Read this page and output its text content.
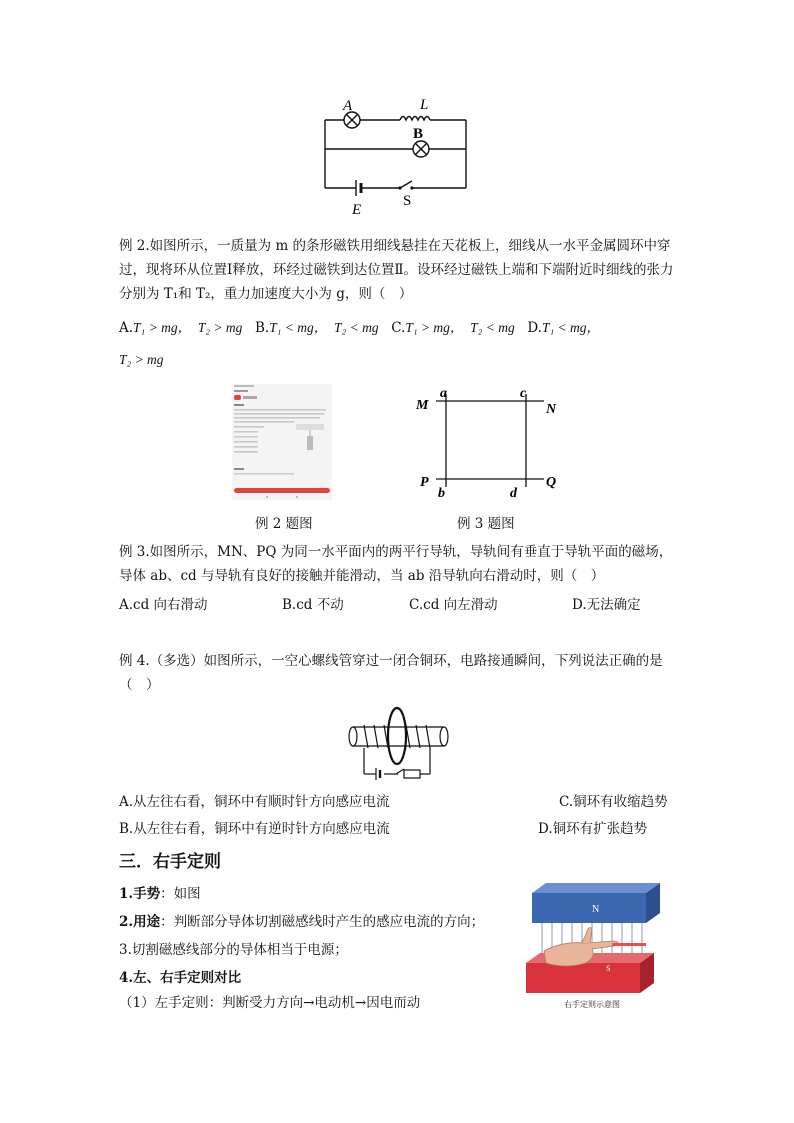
A	L
B
E
S
例 2.如图所示，一质量为 m 的条形磁铁用细线悬挂在天花板上，细线从一水平金属圆环中穿过，现将环从位置Ⅰ释放，环经过磁铁到达位置Ⅱ。设环经过磁铁上端和下端附近时细线的张力分别为 T₁和 T₂，重力加速度大小为 g，则（　）
A.T₁ > mg，　T₂ > mg B.T₁ < mg，　T₂ < mg C.T₁ > mg，　T₂ < mg D.T₁ < mg，
T₂ > mg
a	c
M	N
P	Q
b	d
例 2 题图	例 3 题图
例 3.如图所示，MN、PQ 为同一水平面内的两平行导轨，导轨间有垂直于导轨平面的磁场，导体 ab、cd 与导轨有良好的接触并能滑动，当 ab 沿导轨向右滑动时，则（　）
A.cd 向右滑动	B.cd 不动	C.cd 向左滑动	D.无法确定
例 4.（多选）如图所示，一空心螺线管穿过一闭合铜环，电路接通瞬间，下列说法正确的是（　）
A.从左往右看，铜环中有顺时针方向感应电流	C.铜环有收缩趋势
B.从左往右看，铜环中有逆时针方向感应电流	D.铜环有扩张趋势
三．右手定则
1.手势：如图
2.用途：判断部分导体切割磁感线时产生的感应电流的方向；
3.切割磁感线部分的导体相当于电源；
4.左、右手定则对比
（1）左手定则：判断受力方向→电动机→因电而动
N
S
右手定则示意图
